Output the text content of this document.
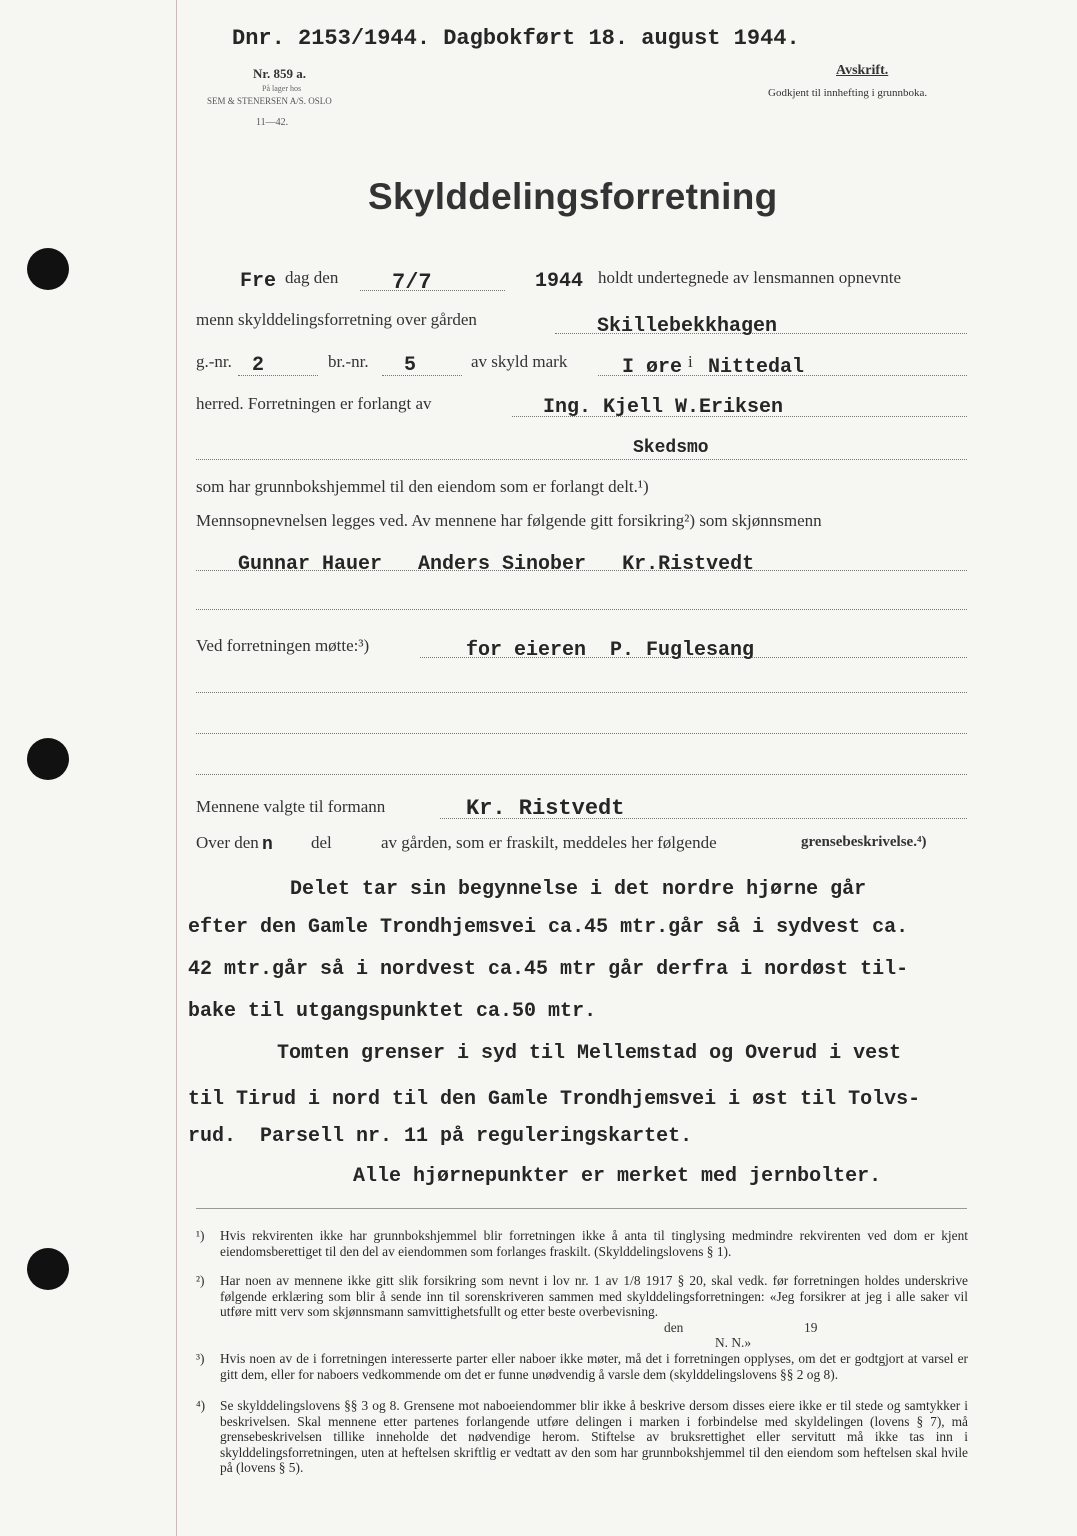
Dnr. 2153/1944. Dagbokført 18. august 1944.
Nr. 859 a.
På lager hos
SEM & STENERSEN A/S. OSLO
11—42.
Avskrift.
Godkjent til innhefting i grunnboka.
Skylddelingsforretning
Fre dag den 7/7	1944 holdt undertegnede av lensmannen opnevnte
menn skylddelingsforretning over gården	Skillebekkhagen
g.-nr. 2	br.-nr. 5	av skyld mark	I øre i Nittedal
herred. Forretningen er forlangt av	Ing. Kjell W.Eriksen
Skedsmo
som har grunnbokshjemmel til den eiendom som er forlangt delt.¹)
Mennsopnevnelsen legges ved. Av mennene har følgende gitt forsikring²) som skjønnsmenn
Gunnar Hauer   Anders Sinober   Kr.Ristvedt
Ved forretningen møtte:³)	for eieren  P. Fuglesang
Mennene valgte til formann	Kr. Ristvedt
Over den n del	av gården, som er fraskilt, meddeles her følgende	grensebeskrivelse.⁴)
Delet tar sin begynnelse i det nordre hjørne går
efter den Gamle Trondhjemsvei ca.45 mtr.går så i sydvest ca.
42 mtr.går så i nordvest ca.45 mtr går derfra i nordøst til-
bake til utgangspunktet ca.50 mtr.
Tomten grenser i syd til Mellemstad og Overud i vest
til Tirud i nord til den Gamle Trondhjemsvei i øst til Tolvs-
rud.  Parsell nr. 11 på reguleringskartet.
Alle hjørnepunkter er merket med jernbolter.
¹) Hvis rekvirenten ikke har grunnbokshjemmel blir forretningen ikke å anta til tinglysing medmindre rekvirenten ved dom er kjent eiendomsberettiget til den del av eiendommen som forlanges fraskilt. (Skylddelingslovens § 1).
²) Har noen av mennene ikke gitt slik forsikring som nevnt i lov nr. 1 av 1/8 1917 § 20, skal vedk. før forretningen holdes underskrive følgende erklæring som blir å sende inn til sorenskriveren sammen med skylddelingsforretningen: «Jeg forsikrer at jeg i alle saker vil utføre mitt verv som skjønnsmann samvittighetsfullt og etter beste overbevisning.
den	19
N. N.»
³) Hvis noen av de i forretningen interesserte parter eller naboer ikke møter, må det i forretningen opplyses, om det er godtgjort at varsel er gitt dem, eller for naboers vedkommende om det er funne unødvendig å varsle dem (skylddelingslovens §§ 2 og 8).
⁴) Se skylddelingslovens §§ 3 og 8. Grensene mot naboeiendommer blir ikke å beskrive dersom disses eiere ikke er til stede og samtykker i beskrivelsen. Skal mennene etter partenes forlangende utføre delingen i marken i forbindelse med skyldelingen (lovens § 7), må grensebeskrivelsen tillike inneholde det nødvendige herom. Stiftelse av bruksrettighet eller servitutt må ikke tas inn i skylddelingsforretningen, uten at heftelsen skriftlig er vedtatt av den som har grunnbokshjemmel til den eiendom som heftelsen skal hvile på (lovens § 5).
